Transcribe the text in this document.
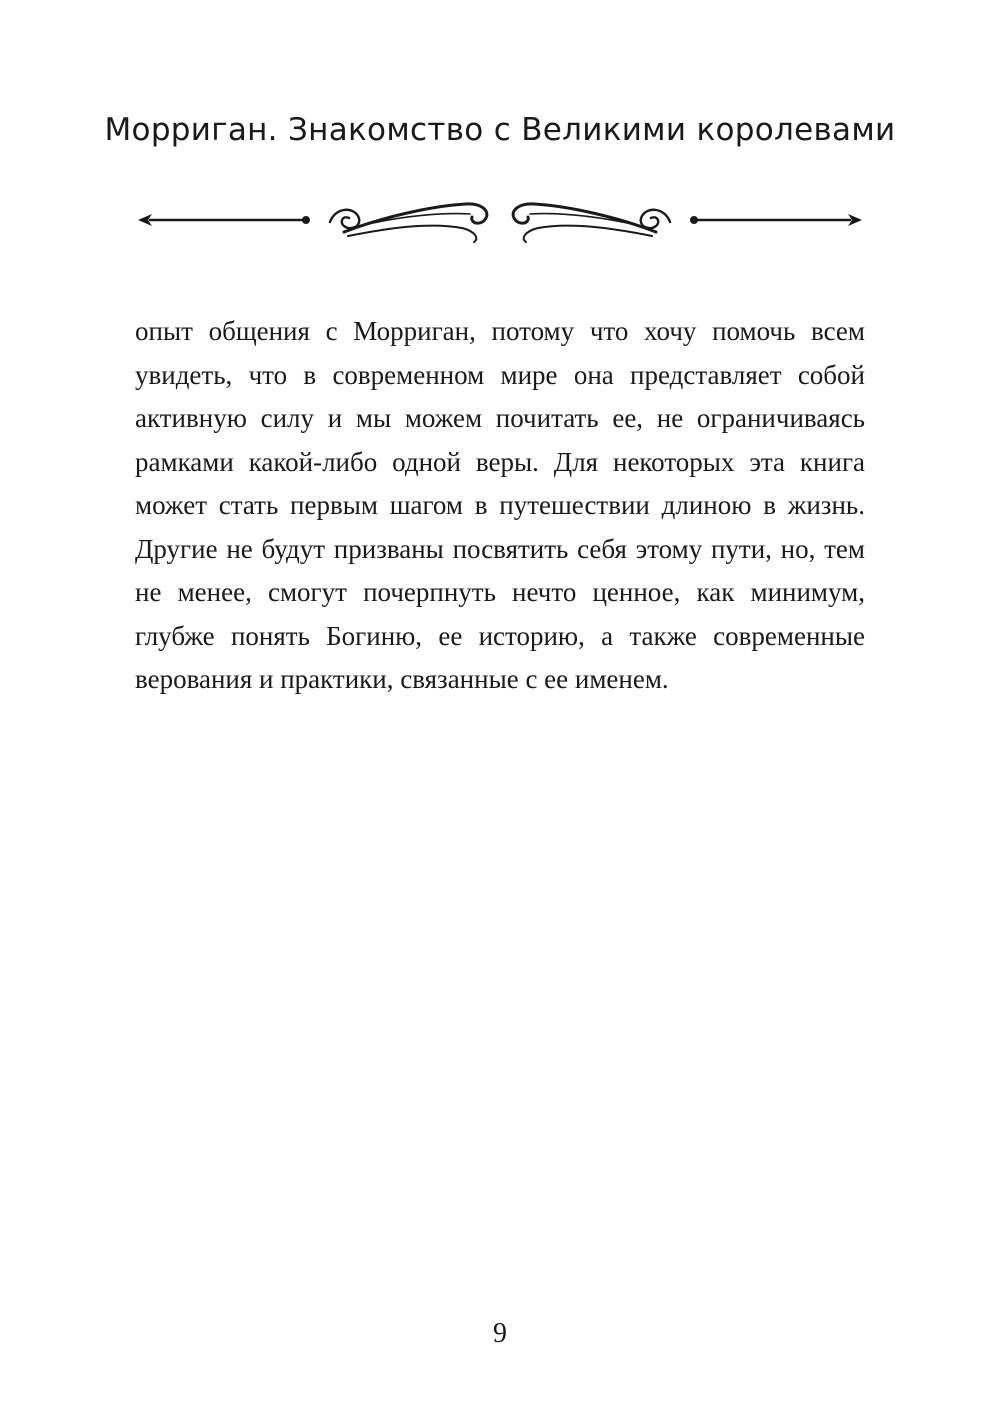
Морриган. Знакомство с Великими королевами
опыт общения с Морриган, потому что хочу помочь всем
увидеть, что в современном мире она представляет собой
активную силу и мы можем почитать ее, не ограничиваясь
рамками какой-либо одной веры. Для некоторых эта книга
может стать первым шагом в путешествии длиною в жизнь.
Другие не будут призваны посвятить себя этому пути, но, тем
не менее, смогут почерпнуть нечто ценное, как минимум,
глубже понять Богиню, ее историю, а также современные
верования и практики, связанные с ее именем.
9
